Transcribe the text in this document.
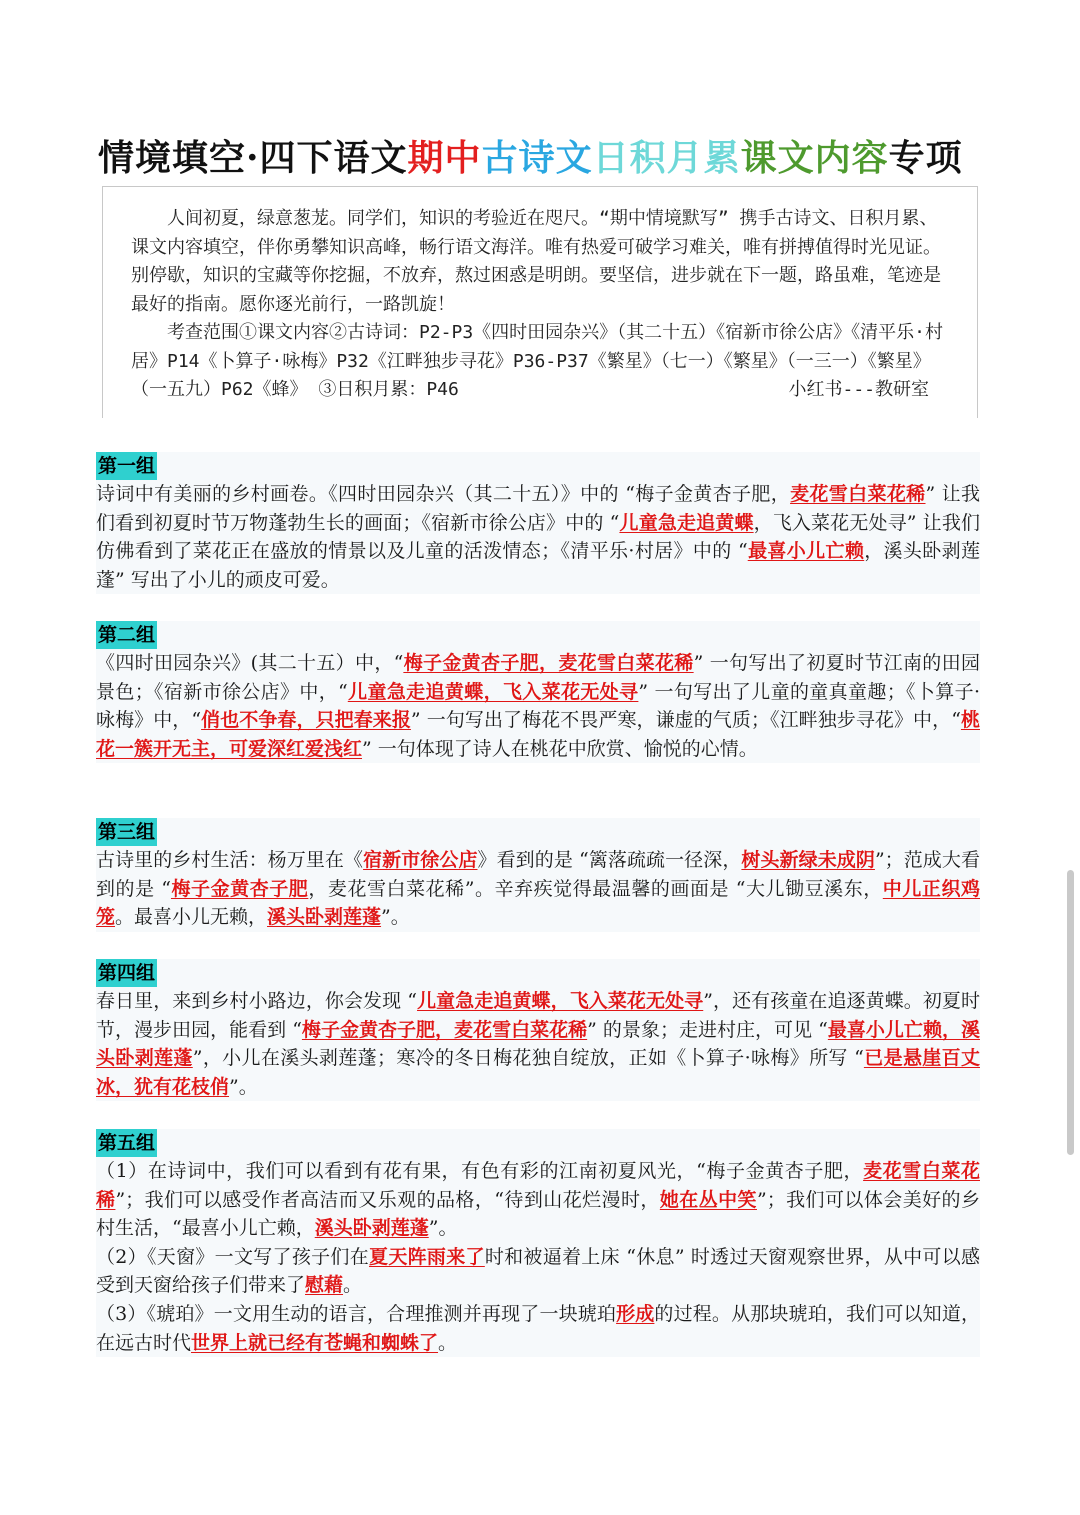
情境填空·四下语文期中古诗文日积月累课文内容专项

人间初夏，绿意葱茏。同学们，知识的考验近在咫尺。“期中情境默写” 携手古诗文、日积月累、课文内容填空，伴你勇攀知识高峰，畅行语文海洋。唯有热爱可破学习难关，唯有拼搏值得时光见证。别停歇，知识的宝藏等你挖掘，不放弃，熬过困惑是明朗。要坚信，进步就在下一题，路虽难，笔迹是最好的指南。愿你逐光前行，一路凯旋！

考查范围①课文内容②古诗词：P2-P3《四时田园杂兴》（其二十五）《宿新市徐公店》《清平乐·村居》P14《卜算子·咏梅》P32《江畔独步寻花》P36-P37《繁星》（七一）《繁星》（一三一）《繁星》 （一五九）P62《蜂》 ③日积月累：P46	小红书---教研室

第一组
诗词中有美丽的乡村画卷。《四时田园杂兴（其二十五）》中的 “梅子金黄杏子肥，麦花雪白菜花稀” 让我们看到初夏时节万物蓬勃生长的画面；《宿新市徐公店》中的 “儿童急走追黄蝶，飞入菜花无处寻” 让我们仿佛看到了菜花正在盛放的情景以及儿童的活泼情态；《清平乐·村居》中的 “最喜小儿亡赖，溪头卧剥莲蓬” 写出了小儿的顽皮可爱。
第二组
《四时田园杂兴》(其二十五）中，“梅子金黄杏子肥，麦花雪白菜花稀” 一句写出了初夏时节江南的田园景色；《宿新市徐公店》中，“儿童急走追黄蝶，飞入菜花无处寻” 一句写出了儿童的童真童趣；《卜算子·咏梅》中，“俏也不争春，只把春来报” 一句写出了梅花不畏严寒，谦虚的气质；《江畔独步寻花》中，“桃花一簇开无主，可爱深红爱浅红” 一句体现了诗人在桃花中欣赏、愉悦的心情。
第三组
古诗里的乡村生活：杨万里在《宿新市徐公店》看到的是 “篱落疏疏一径深，树头新绿未成阴”；范成大看到的是 “梅子金黄杏子肥，麦花雪白菜花稀”。辛弃疾觉得最温馨的画面是 “大儿锄豆溪东，中儿正织鸡笼。最喜小儿无赖，溪头卧剥莲蓬”。
第四组
春日里，来到乡村小路边，你会发现 “儿童急走追黄蝶，飞入菜花无处寻”，还有孩童在追逐黄蝶。初夏时节，漫步田园，能看到 “梅子金黄杏子肥，麦花雪白菜花稀” 的景象；走进村庄，可见 “最喜小儿亡赖，溪头卧剥莲蓬”，小儿在溪头剥莲蓬；寒冷的冬日梅花独自绽放，正如《卜算子·咏梅》所写 “已是悬崖百丈冰，犹有花枝俏”。
第五组
（1）在诗词中，我们可以看到有花有果，有色有彩的江南初夏风光，“梅子金黄杏子肥，麦花雪白菜花稀”；我们可以感受作者高洁而又乐观的品格，“待到山花烂漫时，她在丛中笑”；我们可以体会美好的乡村生活，“最喜小儿亡赖，溪头卧剥莲蓬”。
（2）《天窗》一文写了孩子们在夏天阵雨来了时和被逼着上床 “休息” 时透过天窗观察世界，从中可以感受到天窗给孩子们带来了慰藉。
（3）《琥珀》一文用生动的语言，合理推测并再现了一块琥珀形成的过程。从那块琥珀，我们可以知道，在远古时代世界上就已经有苍蝇和蜘蛛了。
